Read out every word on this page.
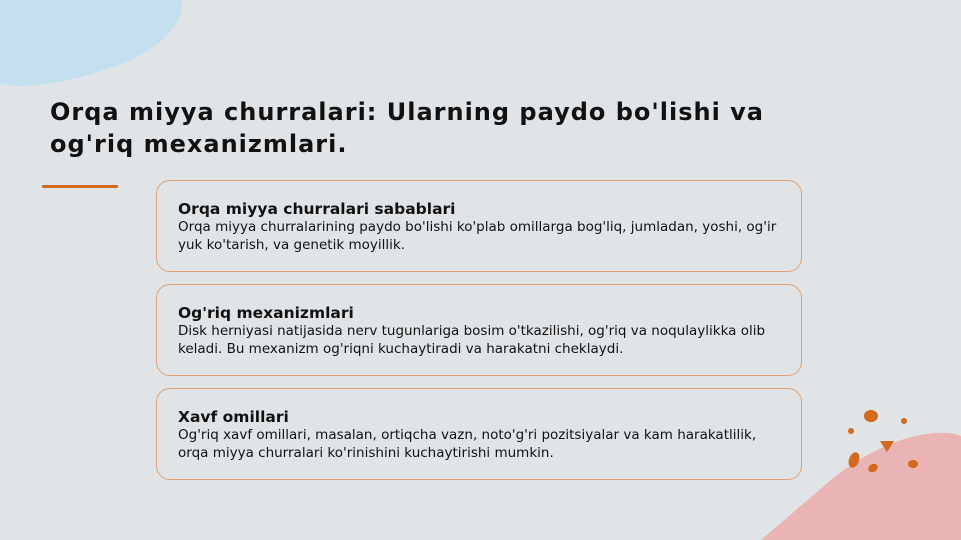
Orqa miyya churralari: Ularning paydo bo'lishi va og'riq mexanizmlari.
Orqa miyya churralari sabablari
Orqa miyya churralarining paydo bo'lishi ko'plab omillarga bog'liq, jumladan, yoshi, og'ir yuk ko'tarish, va genetik moyillik.
Og'riq mexanizmlari
Disk herniyasi natijasida nerv tugunlariga bosim o'tkazilishi, og'riq va noqulaylikka olib keladi. Bu mexanizm og'riqni kuchaytiradi va harakatni cheklaydi.
Xavf omillari
Og'riq xavf omillari, masalan, ortiqcha vazn, noto'g'ri pozitsiyalar va kam harakatlilik, orqa miyya churralari ko'rinishini kuchaytirishi mumkin.
